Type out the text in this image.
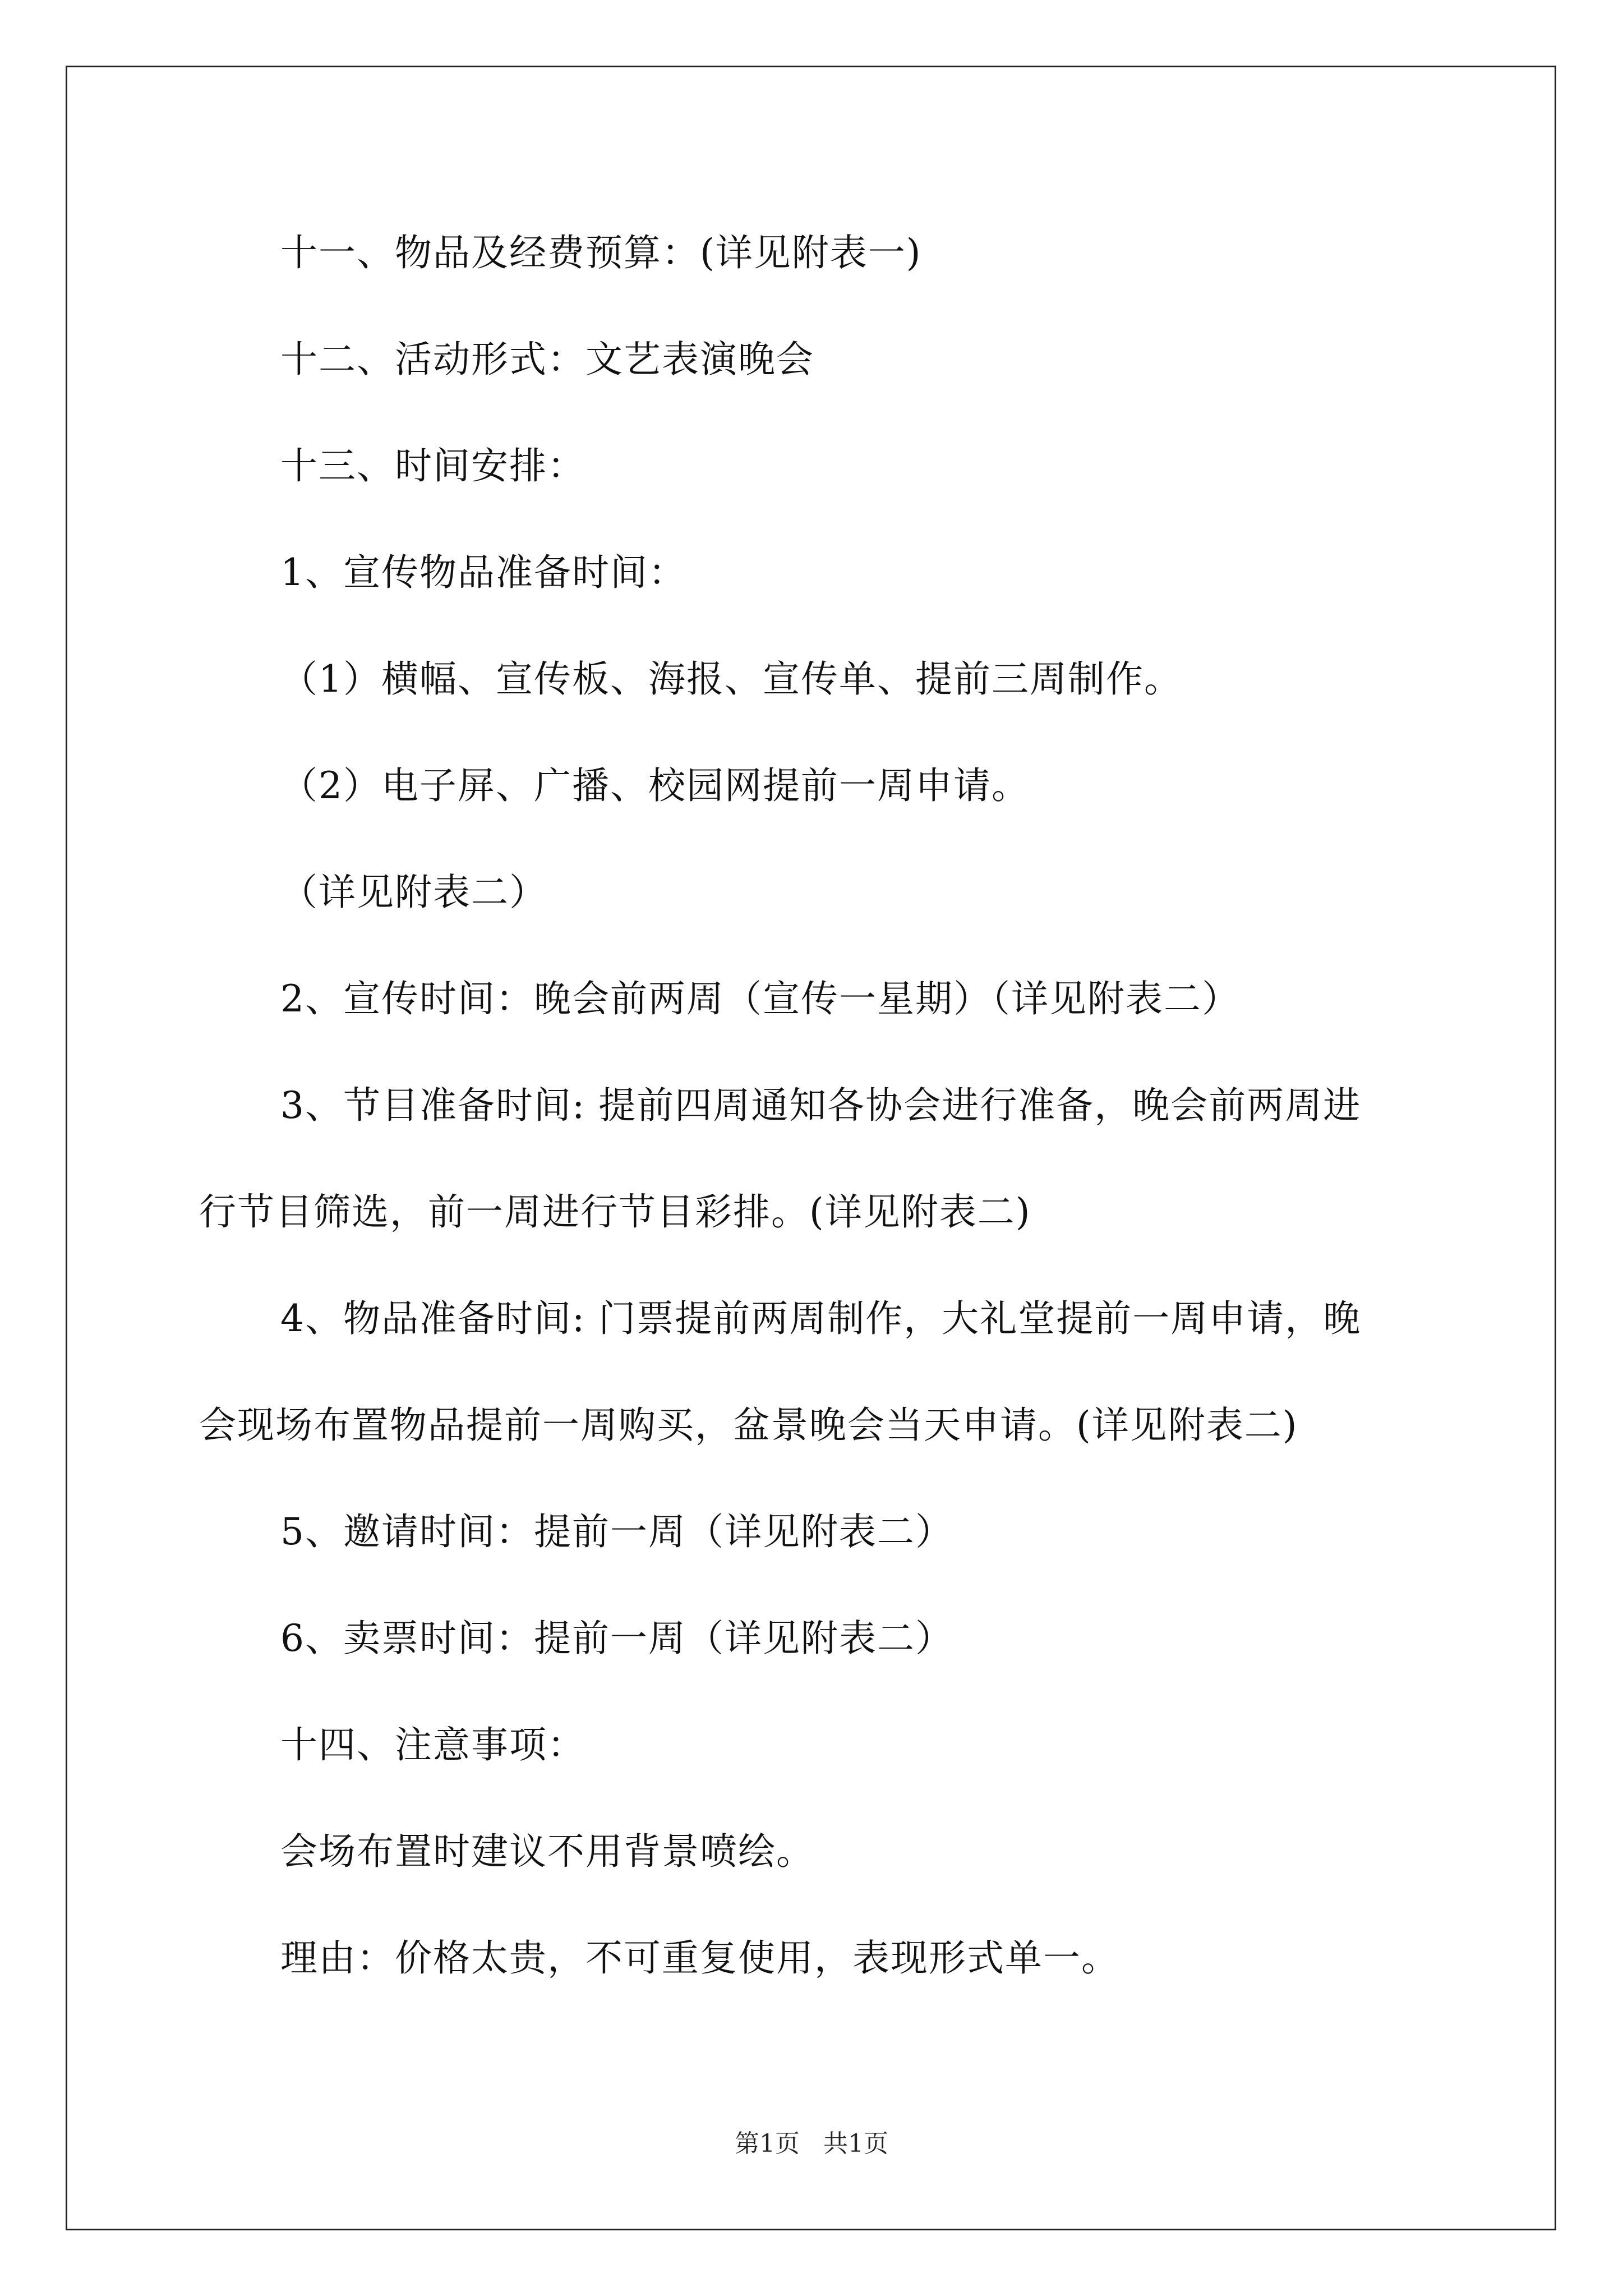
十一、物品及经费预算：(详见附表一)
十二、活动形式：文艺表演晚会
十三、时间安排：
1、宣传物品准备时间：
（1）横幅、宣传板、海报、宣传单、提前三周制作。
（2）电子屏、广播、校园网提前一周申请。
（详见附表二）
2、宣传时间：晚会前两周（宣传一星期）（详见附表二）
3、节目准备时间: 提前四周通知各协会进行准备，晚会前两周进
行节目筛选，前一周进行节目彩排。(详见附表二)
4、物品准备时间: 门票提前两周制作，大礼堂提前一周申请，晚
会现场布置物品提前一周购买，盆景晚会当天申请。(详见附表二)
5、邀请时间：提前一周（详见附表二）
6、卖票时间：提前一周（详见附表二）
十四、注意事项：
会场布置时建议不用背景喷绘。
理由：价格太贵，不可重复使用，表现形式单一。
第1页   共1页
